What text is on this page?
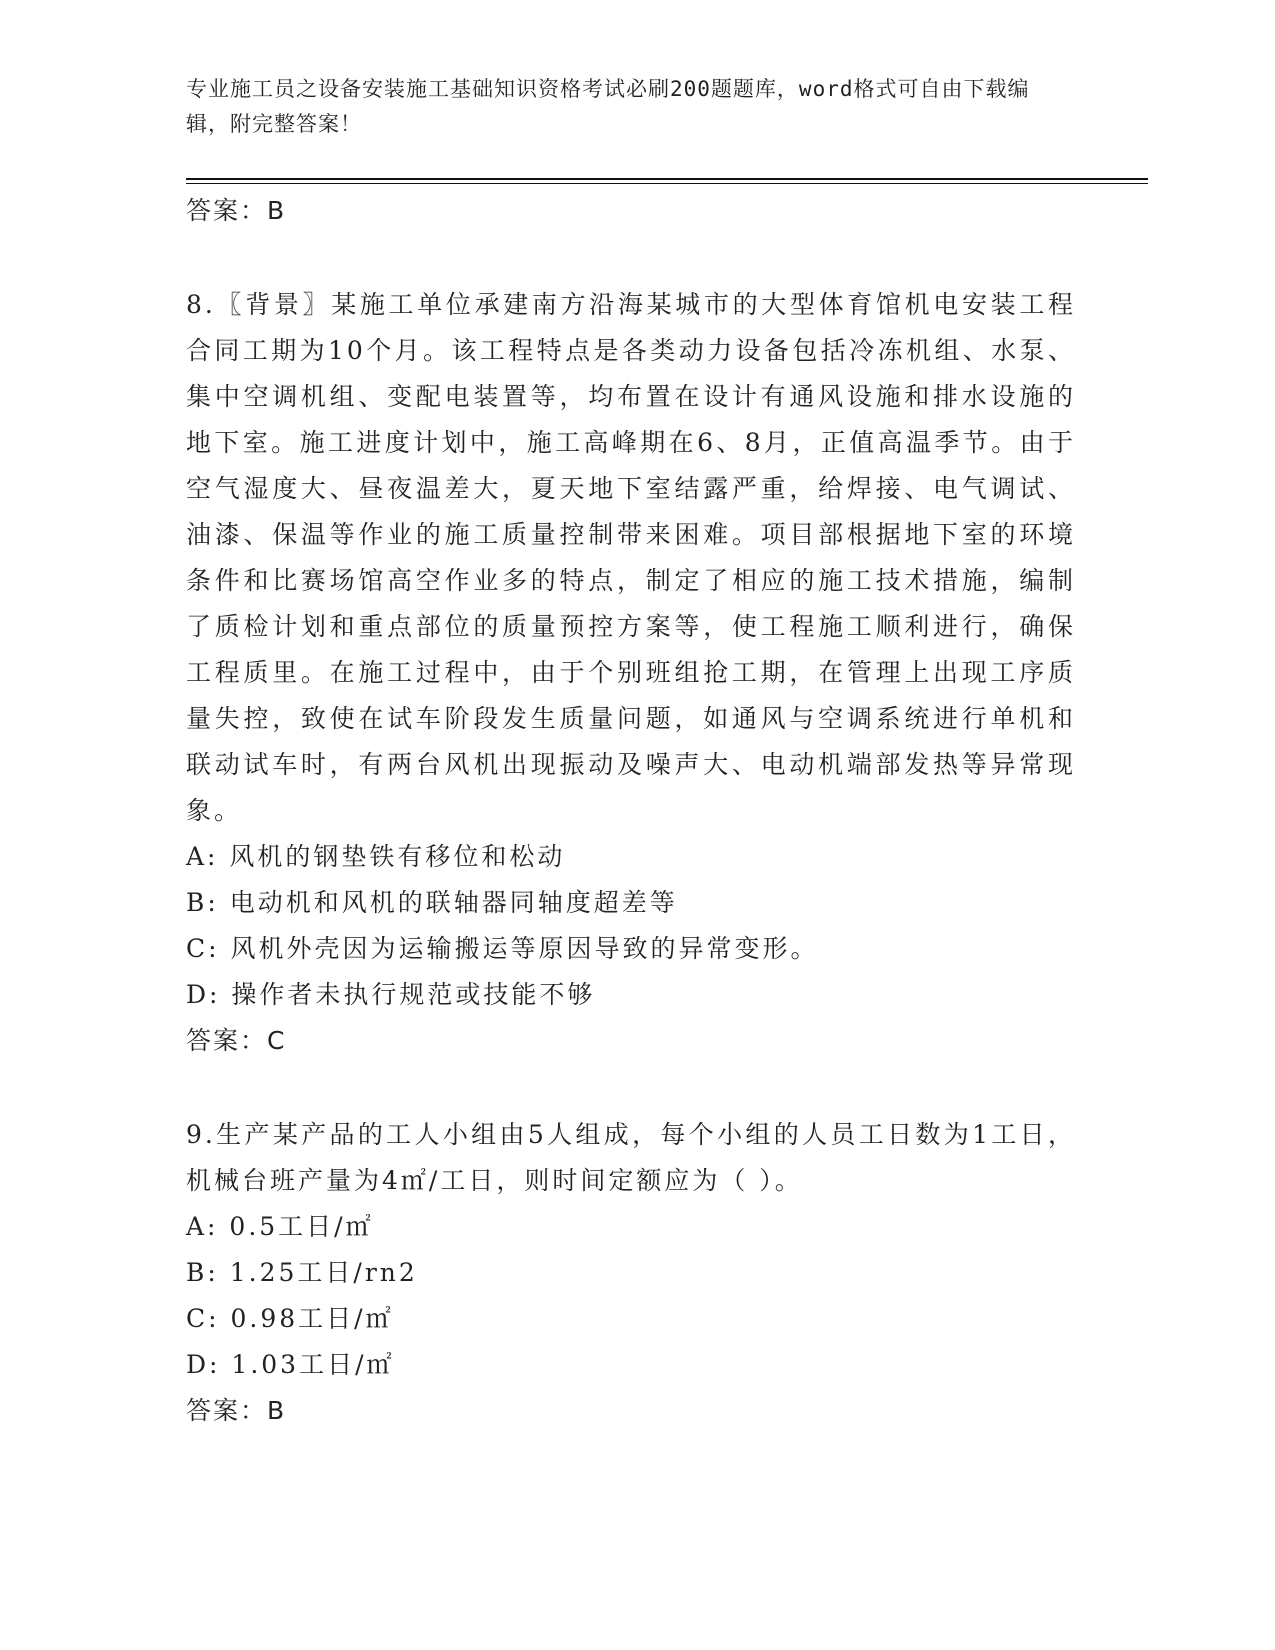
专业施工员之设备安装施工基础知识资格考试必刷200题题库，word格式可自由下载编辑，附完整答案！
答案：B
8.〖背景〗某施工单位承建南方沿海某城市的大型体育馆机电安装工程合同工期为10个月。该工程特点是各类动力设备包括冷冻机组、水泵、集中空调机组、变配电装置等，均布置在设计有通风设施和排水设施的地下室。施工进度计划中，施工高峰期在6、8月，正值高温季节。由于空气湿度大、昼夜温差大，夏天地下室结露严重，给焊接、电气调试、油漆、保温等作业的施工质量控制带来困难。项目部根据地下室的环境条件和比赛场馆高空作业多的特点，制定了相应的施工技术措施，编制了质检计划和重点部位的质量预控方案等，使工程施工顺利进行，确保工程质里。在施工过程中，由于个别班组抢工期，在管理上出现工序质量失控，致使在试车阶段发生质量问题，如通风与空调系统进行单机和联动试车时，有两台风机出现振动及噪声大、电动机端部发热等异常现象。
A: 风机的钢垫铁有移位和松动
B: 电动机和风机的联轴器同轴度超差等
C: 风机外壳因为运输搬运等原因导致的异常变形。
D: 操作者未执行规范或技能不够
答案：C
9.生产某产品的工人小组由5人组成，每个小组的人员工日数为1工日，机械台班产量为4㎡/工日，则时间定额应为（ ）。
A: 0.5工日/㎡
B: 1.25工日/rn2
C: 0.98工日/㎡
D: 1.03工日/㎡
答案：B
